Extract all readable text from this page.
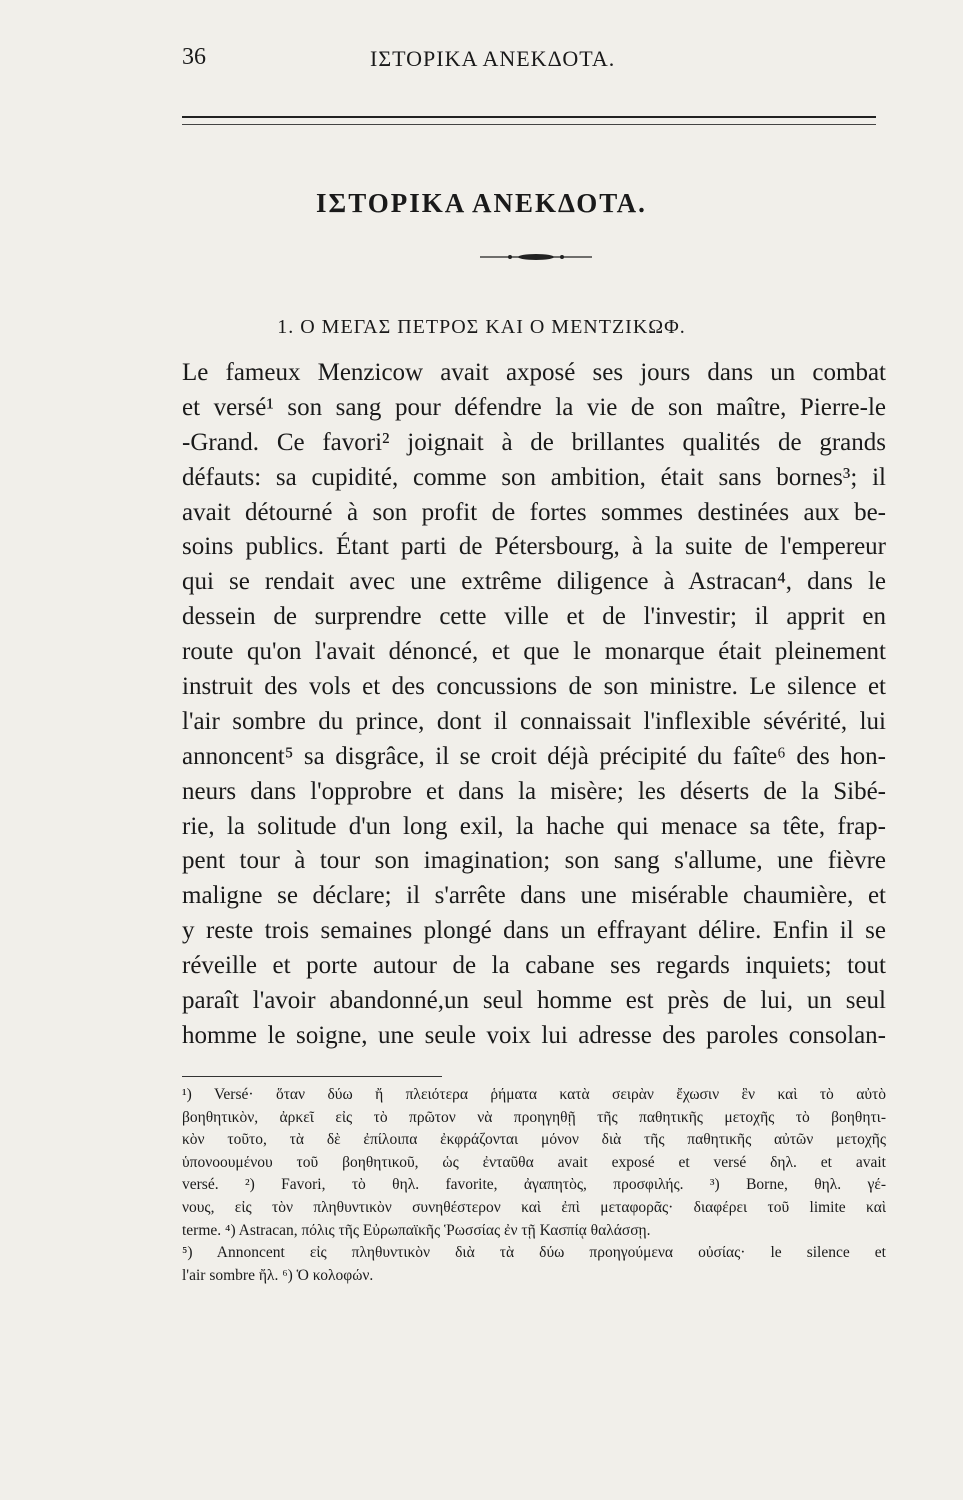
36	ΙΣΤΟΡΙΚΑ ΑΝΕΚΔΟΤΑ.
ΙΣΤΟΡΙΚΑ ΑΝΕΚΔΟΤΑ.
1. Ο ΜΕΓΑΣ ΠΕΤΡΟΣ ΚΑΙ Ο ΜΕΝΤΖΙΚΩΦ.
Le fameux Menzicow avait axposé ses jours dans un combat
et versé¹ son sang pour défendre la vie de son maître, Pierre-le
-Grand. Ce favori² joignait à de brillantes qualités de grands
défauts: sa cupidité, comme son ambition, était sans bornes³; il
avait détourné à son profit de fortes sommes destinées aux be-
soins publics. Étant parti de Pétersbourg, à la suite de l'empereur
qui se rendait avec une extrême diligence à Astracan⁴, dans le
dessein de surprendre cette ville et de l'investir; il apprit en
route qu'on l'avait dénoncé, et que le monarque était pleinement
instruit des vols et des concussions de son ministre. Le silence et
l'air sombre du prince, dont il connaissait l'inflexible sévérité, lui
annoncent⁵ sa disgrâce, il se croit déjà précipité du faîte⁶ des hon-
neurs dans l'opprobre et dans la misère; les déserts de la Sibé-
rie, la solitude d'un long exil, la hache qui menace sa tête, frap-
pent tour à tour son imagination; son sang s'allume, une fièvre
maligne se déclare; il s'arrête dans une misérable chaumière, et
y reste trois semaines plongé dans un effrayant délire. Enfin il se
réveille et porte autour de la cabane ses regards inquiets; tout
paraît l'avoir abandonné,un seul homme est près de lui, un seul
homme le soigne, une seule voix lui adresse des paroles consolan-
¹) Versé· ὅταν δύω ἤ πλειότερα ῥήματα κατὰ σειρὰν ἔχωσιν ἓν καὶ τὸ αὐτὸ
βοηθητικὸν, ἀρκεῖ εἰς τὸ πρῶτον νὰ προηγηθῇ τῆς παθητικῆς μετοχῆς τὸ βοηθητι-
κὸν τοῦτο, τὰ δὲ ἐπίλοιπα ἐκφράζονται μόνον διὰ τῆς παθητικῆς αὐτῶν μετοχῆς
ὑπονοουμένου τοῦ βοηθητικοῦ, ὡς ἐνταῦθα avait exposé et versé δηλ. et avait
versé. ²) Favori, τὸ θηλ. favorite, ἀγαπητὸς, προσφιλής. ³) Borne, θηλ. γέ-
νους, εἰς τὸν πληθυντικὸν συνηθέστερον καὶ ἐπὶ μεταφορᾶς· διαφέρει τοῦ limite καὶ
terme. ⁴) Astracan, πόλις τῆς Εὐρωπαϊκῆς Ῥωσσίας ἐν τῇ Κασπίᾳ θαλάσσῃ.
⁵) Annoncent εἰς πληθυντικὸν διὰ τὰ δύω προηγούμενα οὐσίας· le silence et
l'air sombre ἤλ. ⁶) Ὁ κολοφών.
